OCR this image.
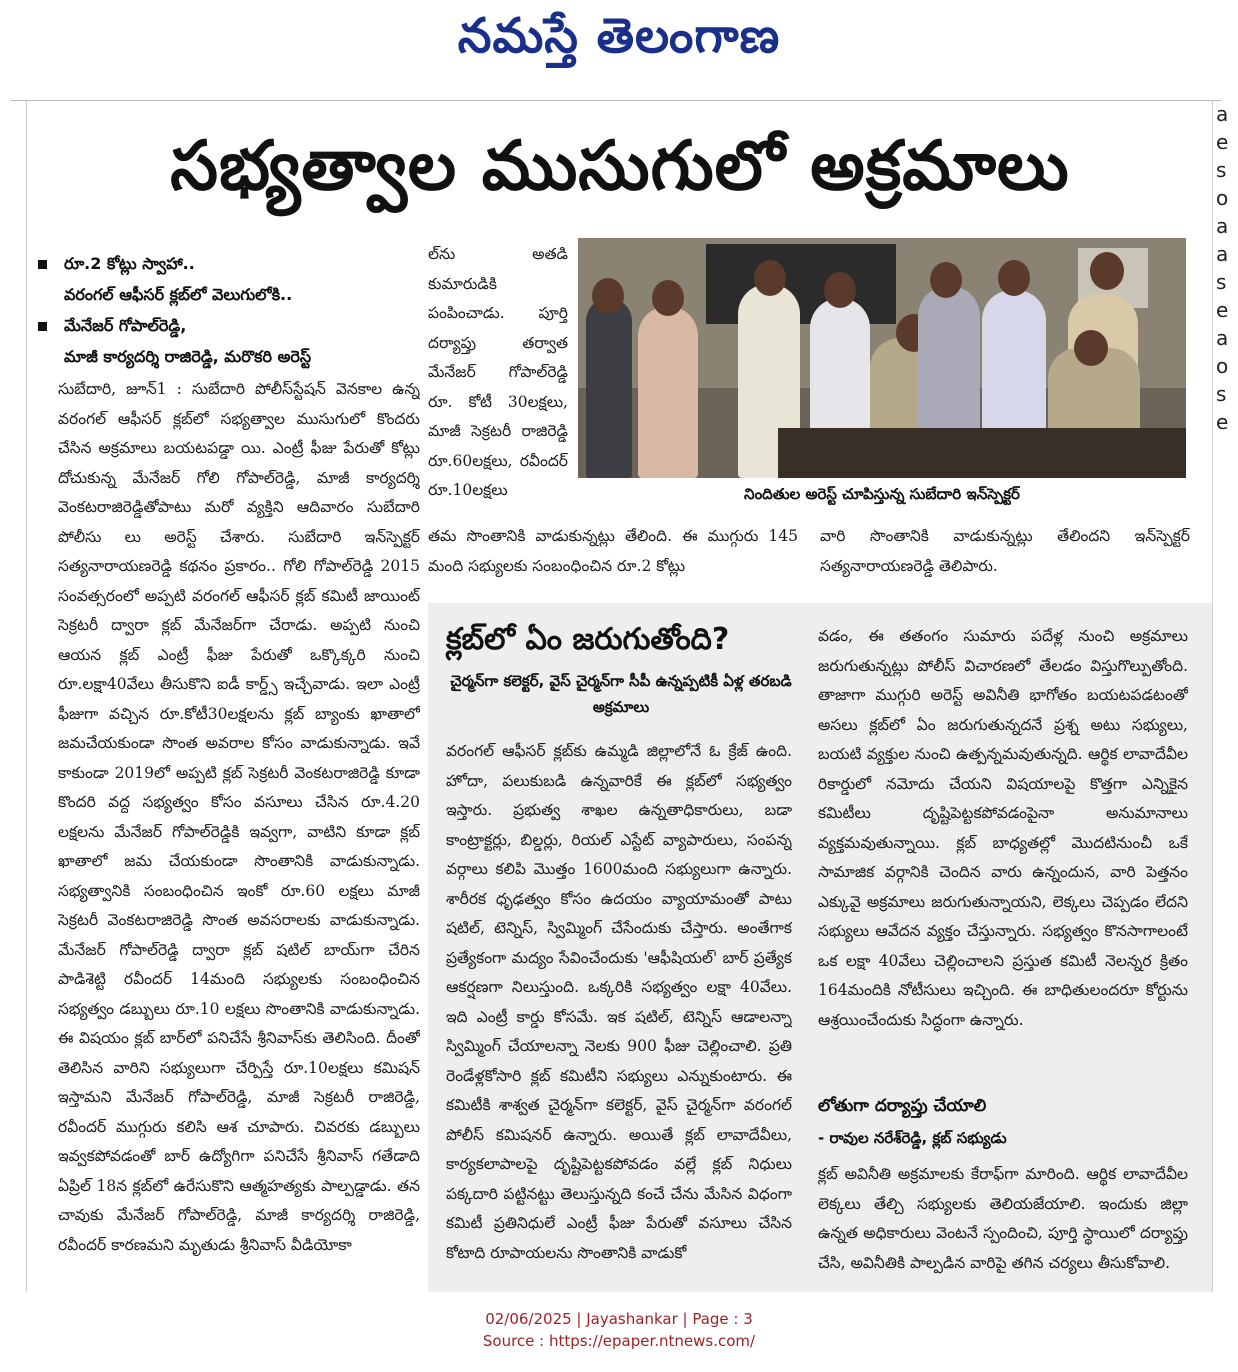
నమస్తే తెలంగాణ
a
e
s
o
a
a
s
e
a
o
s
e
సభ్యత్వాల ముసుగులో అక్రమాలు
రూ.2 కోట్లు స్వాహా..
వరంగల్ ఆఫీసర్ క్లబ్‌లో వెలుగులోకి..
మేనేజర్ గోపాల్‌రెడ్డి,
మాజీ కార్యదర్శి రాజిరెడ్డి, మరొకరి అరెస్ట్
సుబేదారి, జూన్1 : సుబేదారి పోలీస్‌స్టేషన్ వెనకాల ఉన్న వరంగల్ ఆఫీసర్ క్లబ్‌లో సభ్యత్వాల ముసుగులో కొందరు చేసిన అక్రమాలు బయటపడ్డా యి. ఎంట్రీ ఫీజు పేరుతో కోట్లు దోచుకున్న మేనేజర్ గోలి గోపాల్‌రెడ్డి, మాజీ కార్యదర్శి వెంకటరాజిరెడ్డితోపాటు మరో వ్యక్తిని ఆదివారం సుబేదారి పోలీసు లు అరెస్ట్ చేశారు. సుబేదారి ఇన్‌స్పెక్టర్ సత్యనారాయణరెడ్డి కథనం ప్రకారం.. గోలి గోపాల్‌రెడ్డి 2015 సంవత్సరంలో అప్పటి వరంగల్ ఆఫీసర్ క్లబ్ కమిటీ జాయింట్ సెక్రటరీ ద్వారా క్లబ్ మేనేజర్‌గా చేరాడు. అప్పటి నుంచి ఆయన క్లబ్ ఎంట్రీ ఫీజు పేరుతో ఒక్కొక్కరి నుంచి రూ.లక్షా40వేలు తీసుకొని ఐడీ కార్డ్స్ ఇచ్చేవాడు. ఇలా ఎంట్రీ ఫీజుగా వచ్చిన రూ.కోటీ30లక్షలను క్లబ్ బ్యాంకు ఖాతాలో జమచేయకుండా సొంత అవరాల కోసం వాడుకున్నాడు. ఇవే కాకుండా 2019లో అప్పటి క్లబ్ సెక్రటరీ వెంకటరాజిరెడ్డి కూడా కొందరి వద్ద సభ్యత్వం కోసం వసూలు చేసిన రూ.4.20 లక్షలను మేనేజర్ గోపాల్‌రెడ్డికి ఇవ్వగా, వాటిని కూడా క్లబ్ ఖాతాలో జమ చేయకుండా సొంతానికి వాడుకున్నాడు. సభ్యత్వానికి సంబంధించిన ఇంకో రూ.60 లక్షలు మాజీ సెక్రటరీ వెంకటరాజిరెడ్డి సొంత అవసరాలకు వాడుకున్నాడు. మేనేజర్ గోపాల్‌రెడ్డి ద్వారా క్లబ్ షటిల్ బాయ్‌గా చేరిన పాడిశెట్టి రవీందర్ 14మంది సభ్యులకు సంబంధించిన సభ్యత్వం డబ్బులు రూ.10 లక్షలు సొంతానికి వాడుకున్నాడు. ఈ విషయం క్లబ్ బార్‌లో పనిచేసే శ్రీనివాస్‌కు తెలిసింది. దీంతో తెలిసిన వారిని సభ్యులుగా చేర్పిస్తే రూ.10లక్షలు కమిషన్ ఇస్తామని మేనేజర్ గోపాల్‌రెడ్డి, మాజీ సెక్రటరీ రాజిరెడ్డి, రవీందర్ ముగ్గురు కలిసి ఆశ చూపారు. చివరకు డబ్బులు ఇవ్వకపోవడంతో బార్ ఉద్యోగిగా పనిచేసే శ్రీనివాస్ గతేడాది ఏప్రిల్ 18న క్లబ్‌లో ఉరేసుకొని ఆత్మహత్యకు పాల్పడ్డాడు. తన చావుకు మేనేజర్ గోపాల్‌రెడ్డి, మాజీ కార్యదర్శి రాజిరెడ్డి, రవీందర్ కారణమని మృతుడు శ్రీనివాస్ వీడియోకా
ల్‌ను అతడి కుమారుడికి పంపించాడు. పూర్తి దర్యాప్తు తర్వాత మేనేజర్ గోపాల్‌రెడ్డి రూ. కోటీ 30లక్షలు, మాజీ సెక్రటరీ రాజిరెడ్డి రూ.60లక్షలు, రవీందర్ రూ.10లక్షలు	నిందితుల అరెస్ట్ చూపిస్తున్న సుబేదారి ఇన్‌స్పెక్టర్
తమ సొంతానికి వాడుకున్నట్లు తేలింది. ఈ ముగ్గురు 145 మంది సభ్యులకు సంబంధించిన రూ.2 కోట్లు
వారి సొంతానికి వాడుకున్నట్లు తేలిందని ఇన్‌స్పెక్టర్ సత్యనారాయణరెడ్డి తెలిపారు.
క్లబ్‌లో ఏం జరుగుతోంది?
చైర్మన్‌గా కలెక్టర్, వైస్ చైర్మన్‌గా సీపీ ఉన్నప్పటికీ ఏళ్ల తరబడి అక్రమాలు
వరంగల్ ఆఫీసర్ క్లబ్‌కు ఉమ్మడి జిల్లాలోనే ఓ క్రేజ్ ఉంది. హోదా, పలుకుబడి ఉన్నవారికే ఈ క్లబ్‌లో సభ్యత్వం ఇస్తారు. ప్రభుత్వ శాఖల ఉన్నతాధికారులు, బడా కాంట్రాక్టర్లు, బిల్డర్లు, రియల్ ఎస్టేట్ వ్యాపారులు, సంపన్న వర్గాలు కలిపి మొత్తం 1600మంది సభ్యులుగా ఉన్నారు. శారీరక ధృఢత్వం కోసం ఉదయం వ్యాయామంతో పాటు షటిల్, టెన్నిస్, స్విమ్మింగ్ చేసేందుకు చేస్తారు. అంతేగాక ప్రత్యేకంగా మద్యం సేవించేందుకు 'ఆఫీషియల్' బార్ ప్రత్యేక ఆకర్షణగా నిలుస్తుంది. ఒక్కరికి సభ్యత్వం లక్షా 40వేలు. ఇది ఎంట్రీ కార్డు కోసమే. ఇక షటిల్, టెన్నిస్ ఆడాలన్నా స్విమ్మింగ్ చేయాలన్నా నెలకు 900 ఫీజు చెల్లించాలి. ప్రతి రెండేళ్లకోసారి క్లబ్ కమిటీని సభ్యులు ఎన్నుకుంటారు. ఈ కమిటీకి శాశ్వత చైర్మన్‌గా కలెక్టర్, వైస్ చైర్మన్‌గా వరంగల్ పోలీస్ కమిషనర్ ఉన్నారు. అయితే క్లబ్ లావాదేవీలు, కార్యకలాపాలపై దృష్టిపెట్టకపోవడం వల్లే క్లబ్ నిధులు పక్కదారి పట్టినట్టు తెలుస్తున్నది కంచే చేను మేసిన విధంగా కమిటీ ప్రతినిధులే ఎంట్రీ ఫీజు పేరుతో వసూలు చేసిన కోటాది రూపాయలను సొంతానికి వాడుకో
వడం, ఈ తతంగం సుమారు పదేళ్ల నుంచి అక్రమాలు జరుగుతున్నట్లు పోలీస్ విచారణలో తేలడం విస్తుగొల్పుతోంది. తాజాగా ముగ్గురి అరెస్ట్ అవినీతి భాగోతం బయటపడటంతో అసలు క్లబ్‌లో ఏం జరుగుతున్నదనే ప్రశ్న అటు సభ్యులు, బయటి వ్యక్తుల నుంచి ఉత్పన్నమవుతున్నది. ఆర్థిక లావాదేవీల రికార్డులో నమోదు చేయని విషయాలపై కొత్తగా ఎన్నికైన కమిటీలు దృష్టిపెట్టకపోవడంపైనా అనుమానాలు వ్యక్తమవుతున్నాయి. క్లబ్ బాధ్యతల్లో మొదటినుంచీ ఒకే సామాజిక వర్గానికి చెందిన వారు ఉన్నందున, వారి పెత్తనం ఎక్కువై అక్రమాలు జరుగుతున్నాయని, లెక్కలు చెప్పడం లేదని సభ్యులు ఆవేదన వ్యక్తం చేస్తున్నారు. సభ్యత్వం కొనసాగాలంటే ఒక లక్షా 40వేలు చెల్లించాలని ప్రస్తుత కమిటీ నెలన్నర క్రితం 164మందికి నోటీసులు ఇచ్చింది. ఈ బాధితులందరూ కోర్టును ఆశ్రయించేందుకు సిద్ధంగా ఉన్నారు.
లోతుగా దర్యాప్తు చేయాలి
- రావుల నరేశ్‌రెడ్డి, క్లబ్ సభ్యుడు
క్లబ్ అవినీతి అక్రమాలకు కేరాఫ్‌గా మారింది. ఆర్థిక లావాదేవీల లెక్కలు తేల్చి సభ్యులకు తెలియజేయాలి. ఇందుకు జిల్లా ఉన్నత అధికారులు వెంటనే స్పందించి, పూర్తి స్థాయిలో దర్యాప్తు చేసి, అవినీతికి పాల్పడిన వారిపై తగిన చర్యలు తీసుకోవాలి.
02/06/2025 | Jayashankar | Page : 3
Source : https://epaper.ntnews.com/
